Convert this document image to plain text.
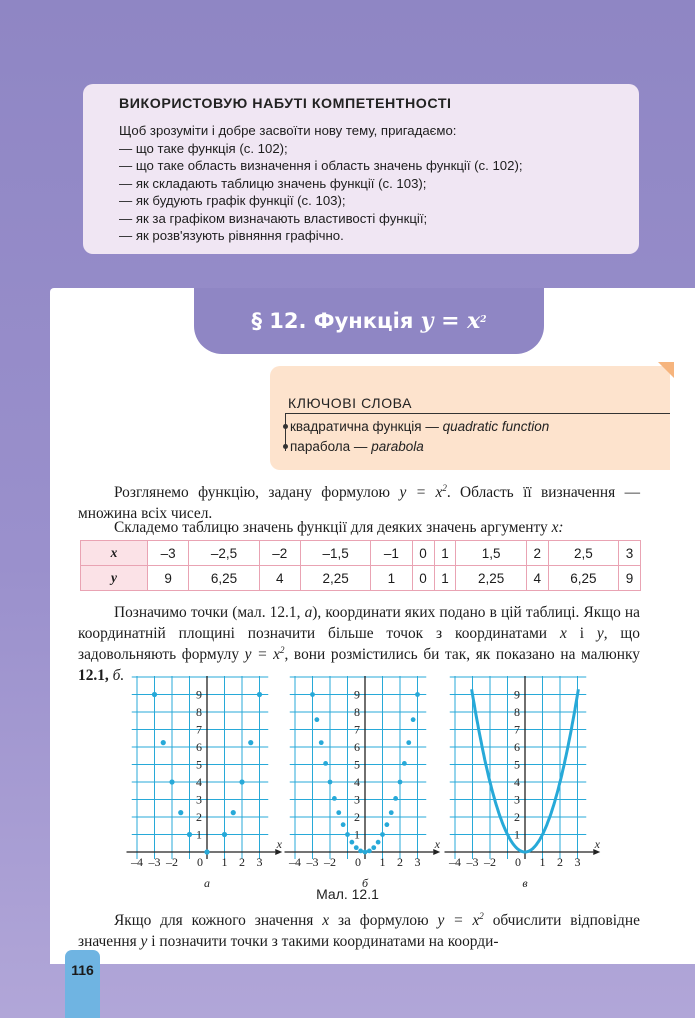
ВИКОРИСТОВУЮ НАБУТІ КОМПЕТЕНТНОСТІ
Щоб зрозуміти і добре засвоїти нову тему, пригадаємо:
— що таке функція (с. 102);
— що таке область визначення і область значень функції (с. 102);
— як складають таблицю значень функції (с. 103);
— як будують графік функції (с. 103);
— як за графіком визначають властивості функції;
— як розв'язують рівняння графічно.
§ 12. Функція $y = x^2$
КЛЮЧОВІ СЛОВА
квадратична функція — quadratic function
парабола — parabola
Розглянемо функцію, задану формулою $y = x^2$. Область її визначення — множина всіх чисел.
Складемо таблицю значень функції для деяких значень аргументу x:
x	–3	–2,5	–2	–1,5	–1	0	1	1,5	2	2,5	3
y	9	6,25	4	2,25	1	0	1	2,25	4	6,25	9
Позначимо точки (мал. 12.1, а), координати яких подано в цій таблиці. Якщо на координатній площині позначити більше точок з координатами x і y, що задовольняють формулу $y = x^2$, вони розмістились би так, як показано на малюнку 12.1, б.
–4 –3 –2 0 1 2 3
1
2
3
4
5
6
7
8
9
x
а
–4 –3 –2 0 1 2 3
1
2
3
4
5
6
7
8
9
x
б
–4 –3 –2 0 1 2 3
1
2
3
4
5
6
7
8
9
x
в
Мал. 12.1
Якщо для кожного значення x за формулою $y = x^2$ обчислити відповідне значення y і позначити точки з такими координатами на коорди-
116
